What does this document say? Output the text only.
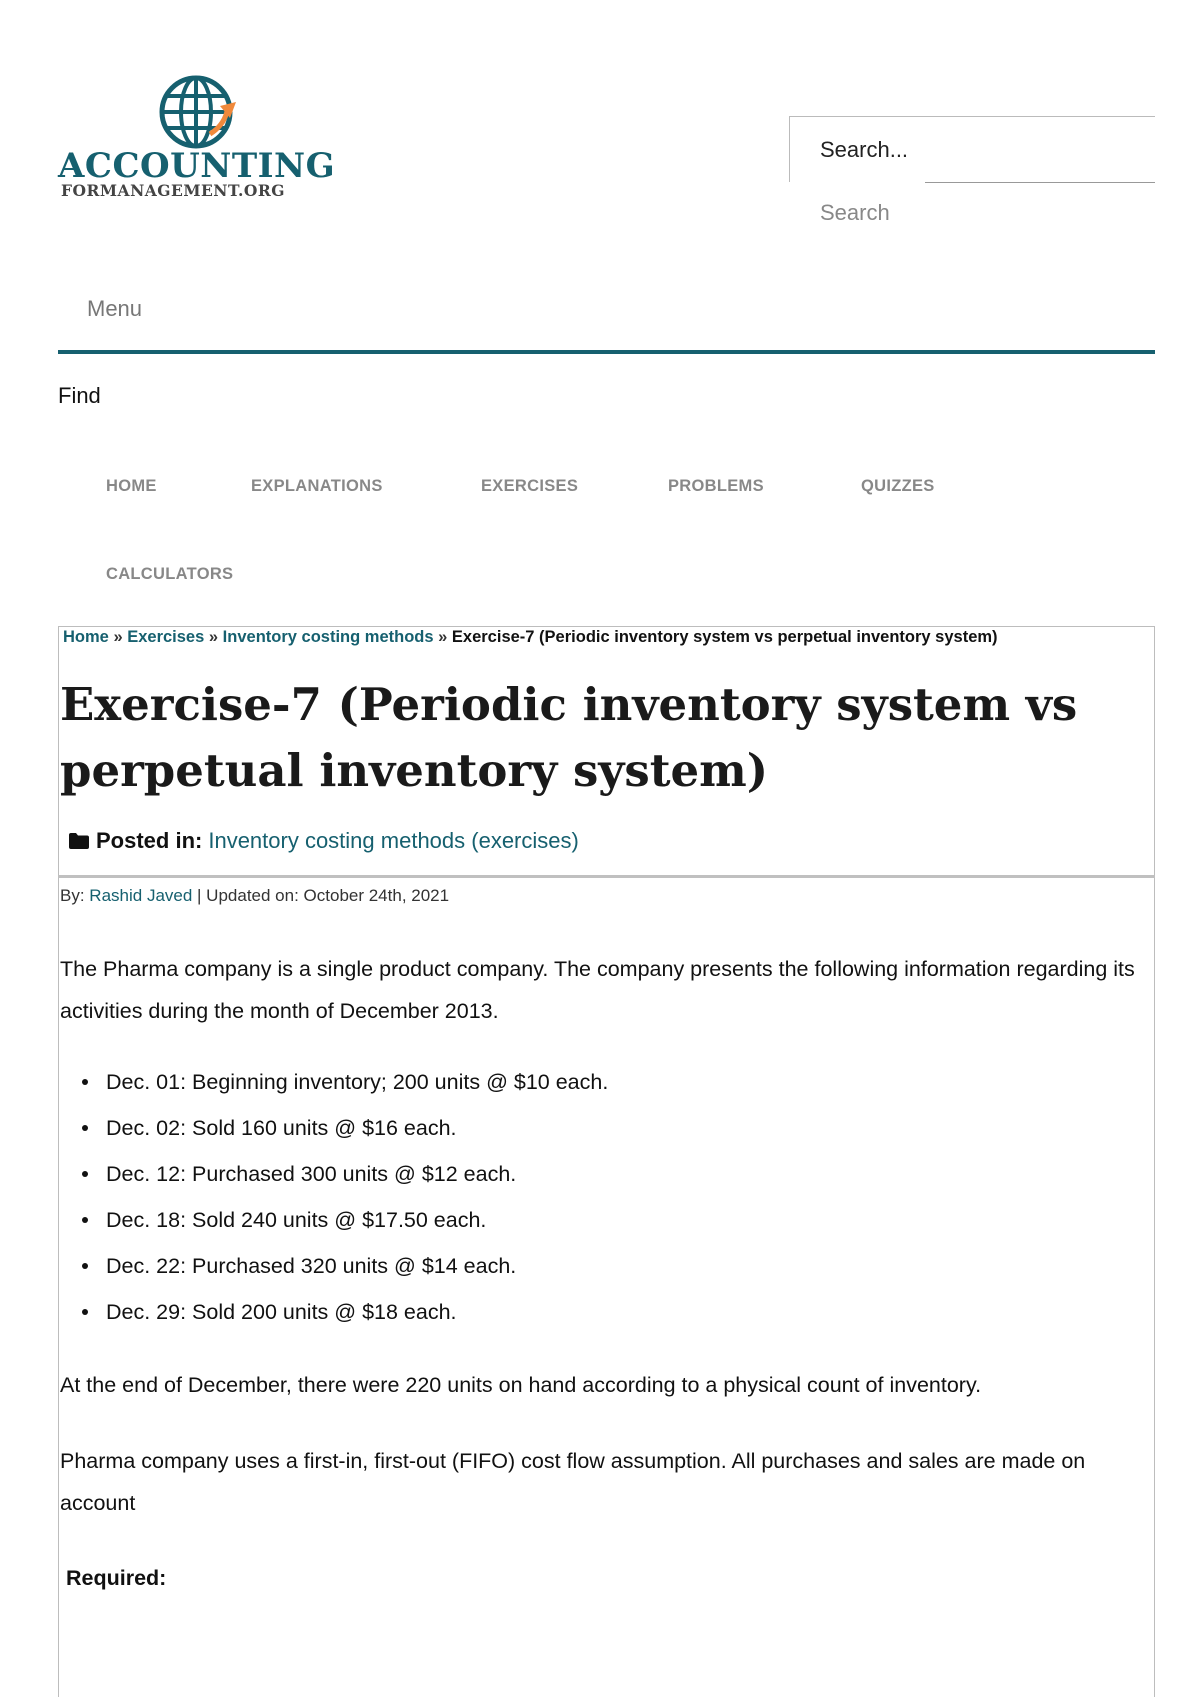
ACCOUNTING
FORMANAGEMENT.ORG
Search...
Search
Menu
Find
HOME	EXPLANATIONS	EXERCISES	PROBLEMS	QUIZZES
CALCULATORS
Home » Exercises » Inventory costing methods » Exercise-7 (Periodic inventory system vs perpetual inventory system)
Exercise-7 (Periodic inventory system vs perpetual inventory system)
Posted in: Inventory costing methods (exercises)
By: Rashid Javed | Updated on: October 24th, 2021

The Pharma company is a single product company. The company presents the following information regarding its activities during the month of December 2013.

Dec. 01: Beginning inventory; 200 units @ $10 each.
Dec. 02: Sold 160 units @ $16 each.
Dec. 12: Purchased 300 units @ $12 each.
Dec. 18: Sold 240 units @ $17.50 each.
Dec. 22: Purchased 320 units @ $14 each.
Dec. 29: Sold 200 units @ $18 each.

At the end of December, there were 220 units on hand according to a physical count of inventory.

Pharma company uses a first-in, first-out (FIFO) cost flow assumption. All purchases and sales are made on account

Required:
